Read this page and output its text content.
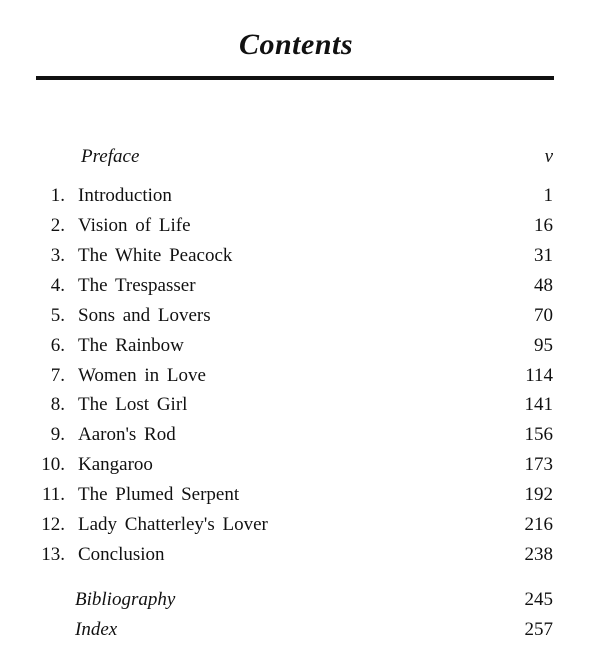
Contents
Preface	v
1. Introduction	1
2. Vision of Life	16
3. The White Peacock	31
4. The Trespasser	48
5. Sons and Lovers	70
6. The Rainbow	95
7. Women in Love	114
8. The Lost Girl	141
9. Aaron's Rod	156
10. Kangaroo	173
11. The Plumed Serpent	192
12. Lady Chatterley's Lover	216
13. Conclusion	238
Bibliography	245
Index	257
